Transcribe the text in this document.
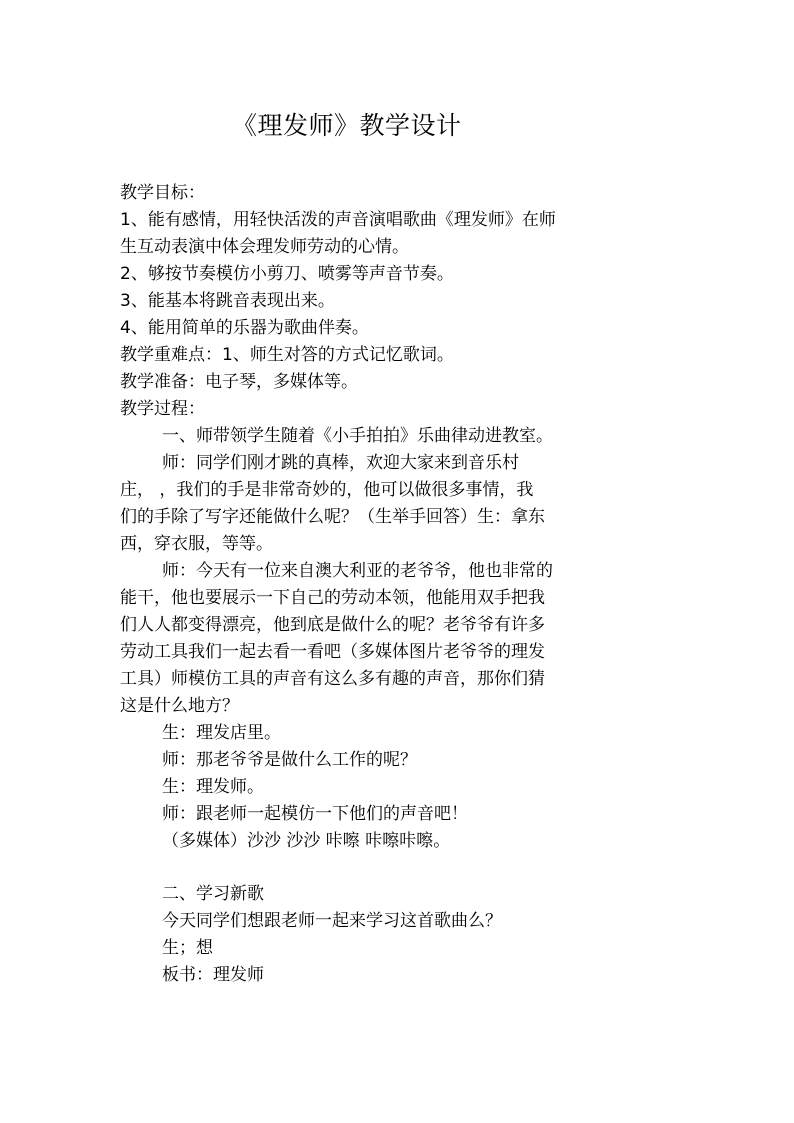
《理发师》教学设计
教学目标：
1、能有感情，用轻快活泼的声音演唱歌曲《理发师》在师
生互动表演中体会理发师劳动的心情。
2、够按节奏模仿小剪刀、喷雾等声音节奏。
3、能基本将跳音表现出来。
4、能用简单的乐器为歌曲伴奏。
教学重难点：1、师生对答的方式记忆歌词。
教学准备：电子琴，多媒体等。
教学过程：
一、师带领学生随着《小手拍拍》乐曲律动进教室。
师：同学们刚才跳的真棒，欢迎大家来到音乐村
庄， ，我们的手是非常奇妙的，他可以做很多事情，我
们的手除了写字还能做什么呢？（生举手回答）生：拿东
西，穿衣服，等等。
师：今天有一位来自澳大利亚的老爷爷，他也非常的
能干，他也要展示一下自己的劳动本领，他能用双手把我
们人人都变得漂亮，他到底是做什么的呢？老爷爷有许多
劳动工具我们一起去看一看吧（多媒体图片老爷爷的理发
工具）师模仿工具的声音有这么多有趣的声音，那你们猜
这是什么地方？
生：理发店里。
师：那老爷爷是做什么工作的呢？
生：理发师。
师：跟老师一起模仿一下他们的声音吧！
（多媒体）沙沙 沙沙 咔嚓 咔嚓咔嚓。
二、学习新歌
今天同学们想跟老师一起来学习这首歌曲么？
生；想
板书：理发师
